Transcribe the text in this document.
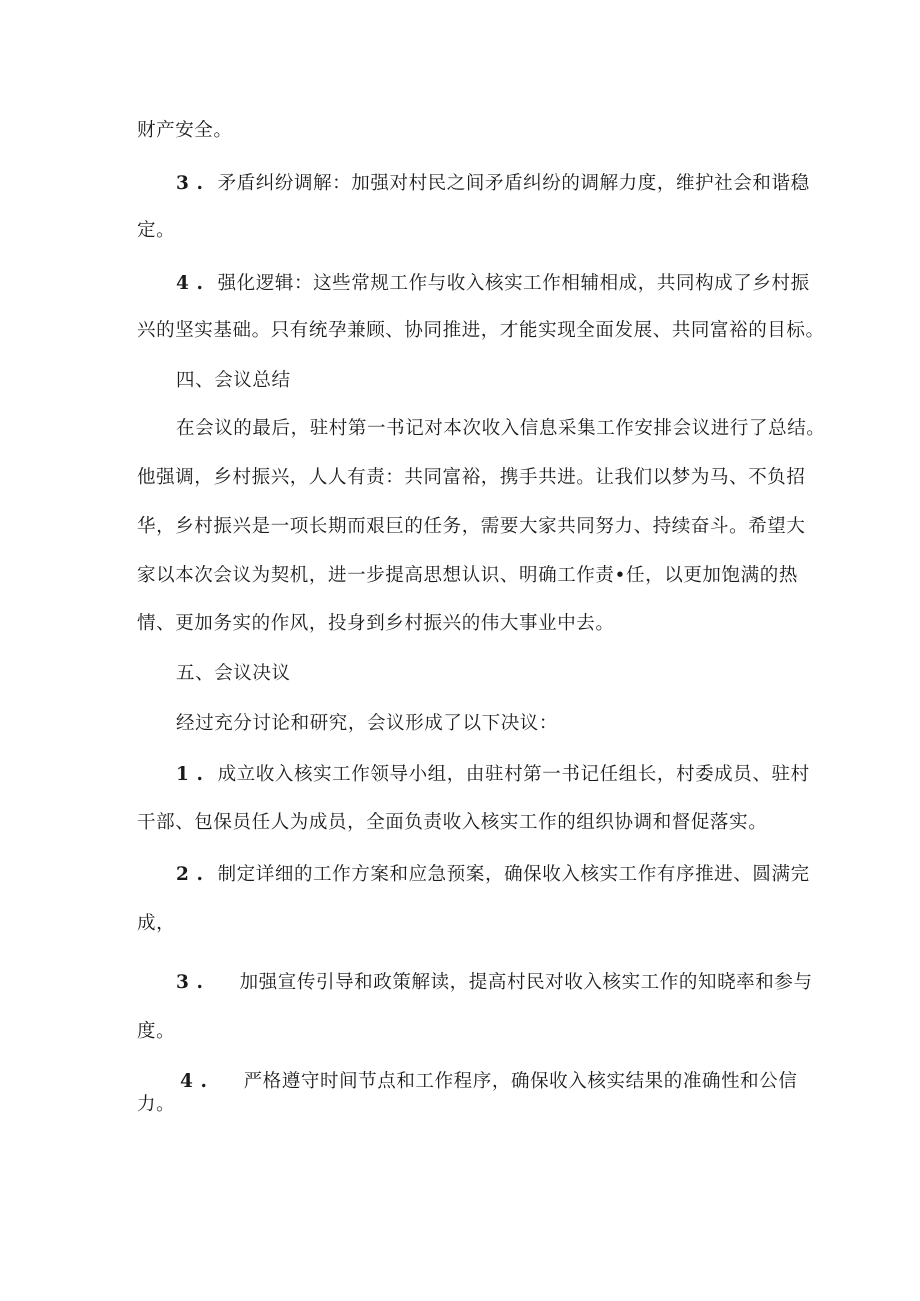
财产安全。
3 . 矛盾纠纷调解：加强对村民之间矛盾纠纷的调解力度，维护社会和谐稳
定。
4 . 强化逻辑：这些常规工作与收入核实工作相辅相成，共同构成了乡村振
兴的坚实基础。只有统孕兼顾、协同推进，才能实现全面发展、共同富裕的目标。
四、会议总结
在会议的最后，驻村第一书记对本次收入信息采集工作安排会议进行了总结。
他强调，乡村振兴，人人有责：共同富裕，携手共进。让我们以梦为马、不负招
华，乡村振兴是一项长期而艰巨的任务，需要大家共同努力、持续奋斗。希望大
家以本次会议为契机，进一步提高思想认识、明确工作责•任，以更加饱满的热
情、更加务实的作风，投身到乡村振兴的伟大事业中去。
五、会议决议
经过充分讨论和研究，会议形成了以下决议：
1 . 成立收入核实工作领导小组，由驻村第一书记任组长，村委成员、驻村
干部、包保员任人为成员，全面负责收入核实工作的组织协调和督促落实。
2 . 制定详细的工作方案和应急预案，确保收入核实工作有序推进、圆满完
成，
3 . 加强宣传引导和政策解读，提高村民对收入核实工作的知晓率和参与
度。
4 . 严格遵守时间节点和工作程序，确保收入核实结果的准确性和公信
力。
